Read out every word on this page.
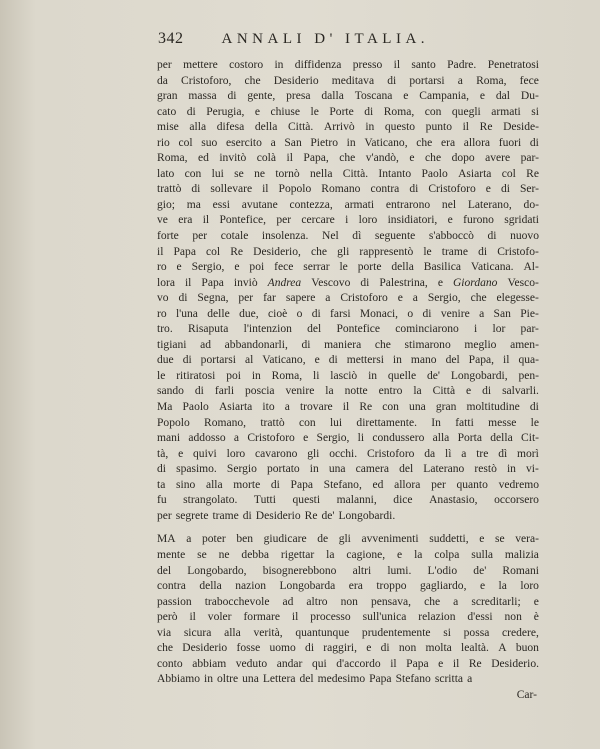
342	ANNALI D' ITALIA.
per mettere costoro in diffidenza presso il santo Padre. Penetratosi
da Cristoforo, che Desiderio meditava di portarsi a Roma, fece
gran massa di gente, presa dalla Toscana e Campania, e dal Du-
cato di Perugia, e chiuse le Porte di Roma, con quegli armati si
mise alla difesa della Città. Arrivò in questo punto il Re Deside-
rio col suo esercito a San Pietro in Vaticano, che era allora fuori di
Roma, ed invitò colà il Papa, che v'andò, e che dopo avere par-
lato con lui se ne tornò nella Città. Intanto Paolo Asiarta col Re
trattò di sollevare il Popolo Romano contra di Cristoforo e di Ser-
gio; ma essi avutane contezza, armati entrarono nel Laterano, do-
ve era il Pontefice, per cercare i loro insidiatori, e furono sgridati
forte per cotale insolenza. Nel dì seguente s'abboccò di nuovo
il Papa col Re Desiderio, che gli rappresentò le trame di Cristofo-
ro e Sergio, e poi fece serrar le porte della Basilica Vaticana. Al-
lora il Papa inviò Andrea Vescovo di Palestrina, e Giordano Vesco-
vo di Segna, per far sapere a Cristoforo e a Sergio, che elegesse-
ro l'una delle due, cioè o di farsi Monaci, o di venire a San Pie-
tro. Risaputa l'intenzion del Pontefice cominciarono i lor par-
tigiani ad abbandonarli, di maniera che stimarono meglio amen-
due di portarsi al Vaticano, e di mettersi in mano del Papa, il qua-
le ritiratosi poi in Roma, li lasciò in quelle de' Longobardi, pen-
sando di farli poscia venire la notte entro la Città e di salvarli.
Ma Paolo Asiarta ito a trovare il Re con una gran moltitudine di
Popolo Romano, trattò con lui direttamente. In fatti messe le
mani addosso a Cristoforo e Sergio, li condussero alla Porta della Cit-
tà, e quivi loro cavarono gli occhi. Cristoforo da lì a tre dì morì
di spasimo. Sergio portato in una camera del Laterano restò in vi-
ta sino alla morte di Papa Stefano, ed allora per quanto vedremo
fu strangolato. Tutti questi malanni, dice Anastasio, occorsero
per segrete trame di Desiderio Re de' Longobardi.
MA a poter ben giudicare de gli avvenimenti suddetti, e se vera-
mente se ne debba rigettar la cagione, e la colpa sulla malizia
del Longobardo, bisognerebbono altri lumi. L'odio de' Romani
contra della nazion Longobarda era troppo gagliardo, e la loro
passion trabocchevole ad altro non pensava, che a screditarli; e
però il voler formare il processo sull'unica relazion d'essi non è
via sicura alla verità, quantunque prudentemente si possa credere,
che Desiderio fosse uomo di raggiri, e di non molta lealtà. A buon
conto abbiam veduto andar qui d'accordo il Papa e il Re Desiderio.
Abbiamo in oltre una Lettera del medesimo Papa Stefano scritta a
Car-
